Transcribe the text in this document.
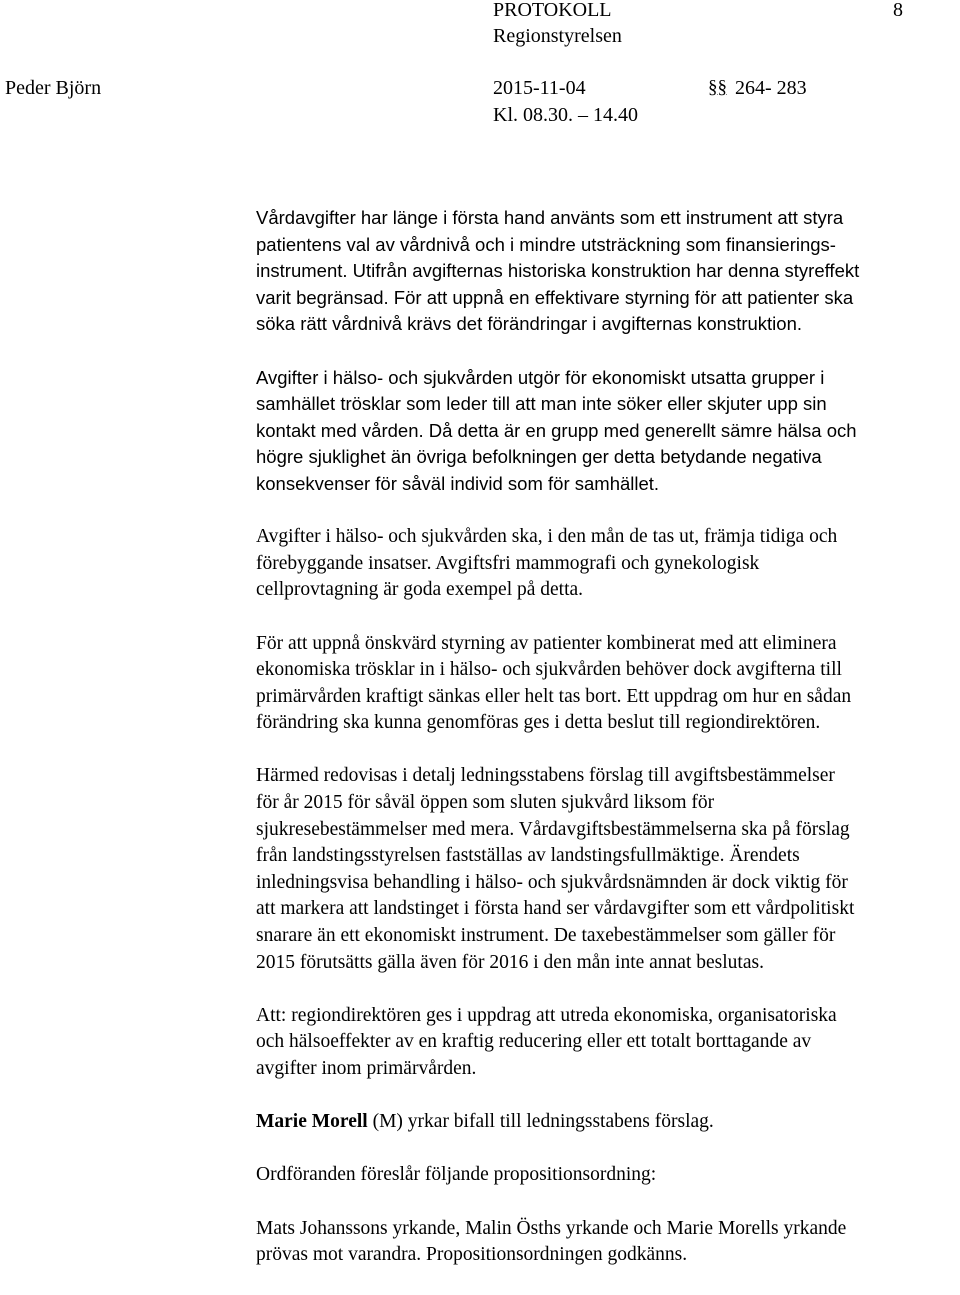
PROTOKOLL	8
Regionstyrelsen
Peder Björn	2015-11-04
Kl. 08.30. – 14.40
§§ 264- 283

Vårdavgifter har länge i första hand använts som ett instrument att styra
patientens val av vårdnivå och i mindre utsträckning som finansierings-
instrument. Utifrån avgifternas historiska konstruktion har denna styreffekt
varit begränsad. För att uppnå en effektivare styrning för att patienter ska
söka rätt vårdnivå krävs det förändringar i avgifternas konstruktion.

Avgifter i hälso- och sjukvården utgör för ekonomiskt utsatta grupper i
samhället trösklar som leder till att man inte söker eller skjuter upp sin
kontakt med vården. Då detta är en grupp med generellt sämre hälsa och
högre sjuklighet än övriga befolkningen ger detta betydande negativa
konsekvenser för såväl individ som för samhället.

Avgifter i hälso- och sjukvården ska, i den mån de tas ut, främja tidiga och
förebyggande insatser. Avgiftsfri mammografi och gynekologisk
cellprovtagning är goda exempel på detta.

För att uppnå önskvärd styrning av patienter kombinerat med att eliminera
ekonomiska trösklar in i hälso- och sjukvården behöver dock avgifterna till
primärvården kraftigt sänkas eller helt tas bort. Ett uppdrag om hur en sådan
förändring ska kunna genomföras ges i detta beslut till regiondirektören.

Härmed redovisas i detalj ledningsstabens förslag till avgiftsbestämmelser
för år 2015 för såväl öppen som sluten sjukvård liksom för
sjukresebestämmelser med mera. Vårdavgiftsbestämmelserna ska på förslag
från landstingsstyrelsen fastställas av landstingsfullmäktige. Ärendets
inledningsvisa behandling i hälso- och sjukvårdsnämnden är dock viktig för
att markera att landstinget i första hand ser vårdavgifter som ett vårdpolitiskt
snarare än ett ekonomiskt instrument. De taxebestämmelser som gäller för
2015 förutsätts gälla även för 2016 i den mån inte annat beslutas.

Att: regiondirektören ges i uppdrag att utreda ekonomiska, organisatoriska
och hälsoeffekter av en kraftig reducering eller ett totalt borttagande av
avgifter inom primärvården.

Marie Morell (M) yrkar bifall till ledningsstabens förslag.

Ordföranden föreslår följande propositionsordning:

Mats Johanssons yrkande, Malin Ösths yrkande och Marie Morells yrkande
prövas mot varandra. Propositionsordningen godkänns.
